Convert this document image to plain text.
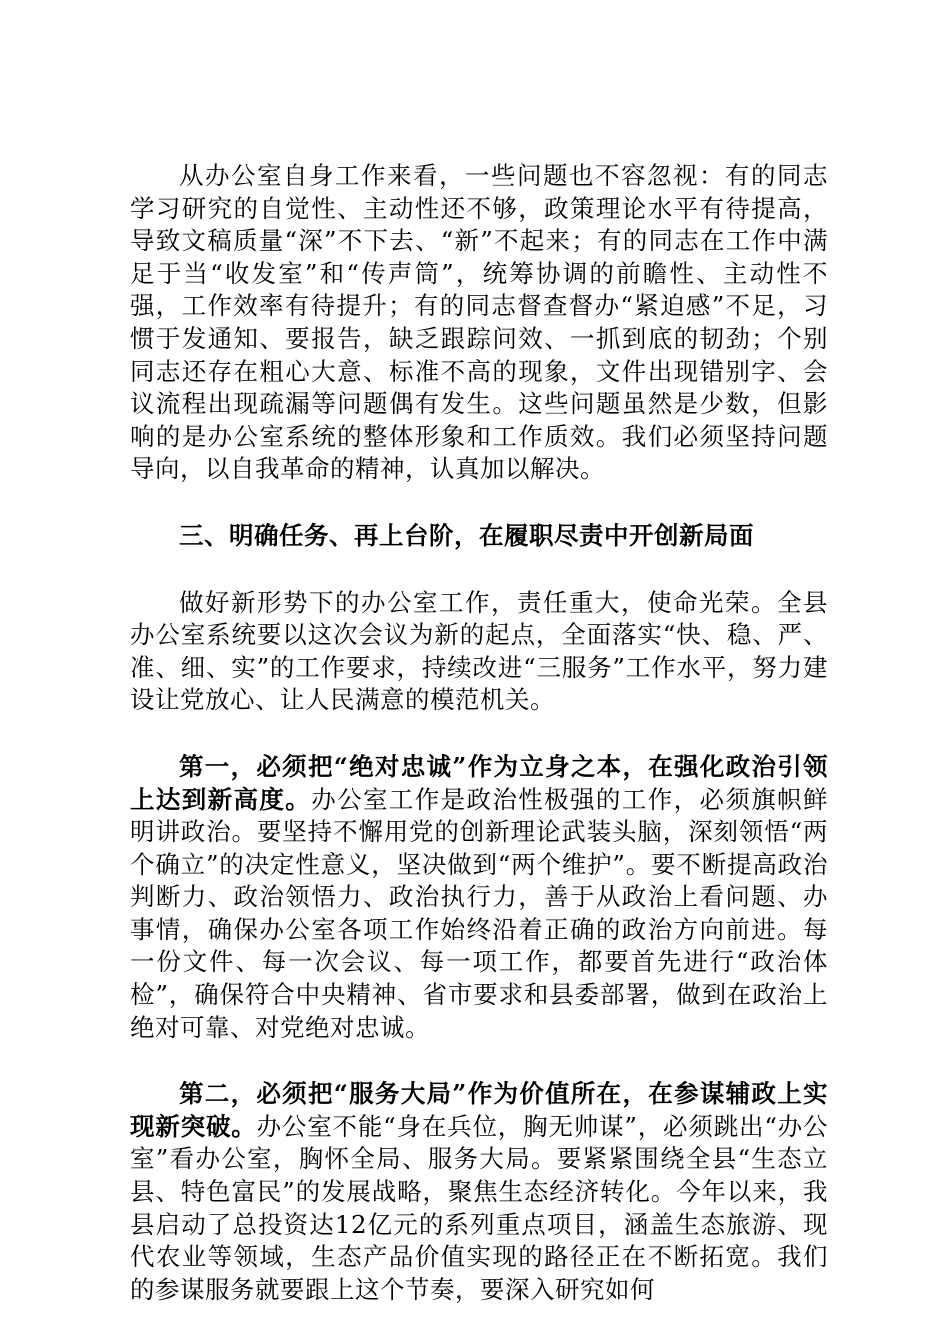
从办公室自身工作来看，一些问题也不容忽视：有的同志学习研究的自觉性、主动性还不够，政策理论水平有待提高，导致文稿质量“深”不下去、“新”不起来；有的同志在工作中满足于当“收发室”和“传声筒”，统筹协调的前瞻性、主动性不强，工作效率有待提升；有的同志督查督办“紧迫感”不足，习惯于发通知、要报告，缺乏跟踪问效、一抓到底的韧劲；个别同志还存在粗心大意、标准不高的现象，文件出现错别字、会议流程出现疏漏等问题偶有发生。这些问题虽然是少数，但影响的是办公室系统的整体形象和工作质效。我们必须坚持问题导向，以自我革命的精神，认真加以解决。

三、明确任务、再上台阶，在履职尽责中开创新局面

做好新形势下的办公室工作，责任重大，使命光荣。全县办公室系统要以这次会议为新的起点，全面落实“快、稳、严、准、细、实”的工作要求，持续改进“三服务”工作水平，努力建设让党放心、让人民满意的模范机关。

第一，必须把“绝对忠诚”作为立身之本，在强化政治引领上达到新高度。办公室工作是政治性极强的工作，必须旗帜鲜明讲政治。要坚持不懈用党的创新理论武装头脑，深刻领悟“两个确立”的决定性意义，坚决做到“两个维护”。要不断提高政治判断力、政治领悟力、政治执行力，善于从政治上看问题、办事情，确保办公室各项工作始终沿着正确的政治方向前进。每一份文件、每一次会议、每一项工作，都要首先进行“政治体检”，确保符合中央精神、省市要求和县委部署，做到在政治上绝对可靠、对党绝对忠诚。

第二，必须把“服务大局”作为价值所在，在参谋辅政上实现新突破。办公室不能“身在兵位，胸无帅谋”，必须跳出“办公室”看办公室，胸怀全局、服务大局。要紧紧围绕全县“生态立县、特色富民”的发展战略，聚焦生态经济转化。今年以来，我县启动了总投资达12亿元的系列重点项目，涵盖生态旅游、现代农业等领域，生态产品价值实现的路径正在不断拓宽。我们的参谋服务就要跟上这个节奏，要深入研究如何
